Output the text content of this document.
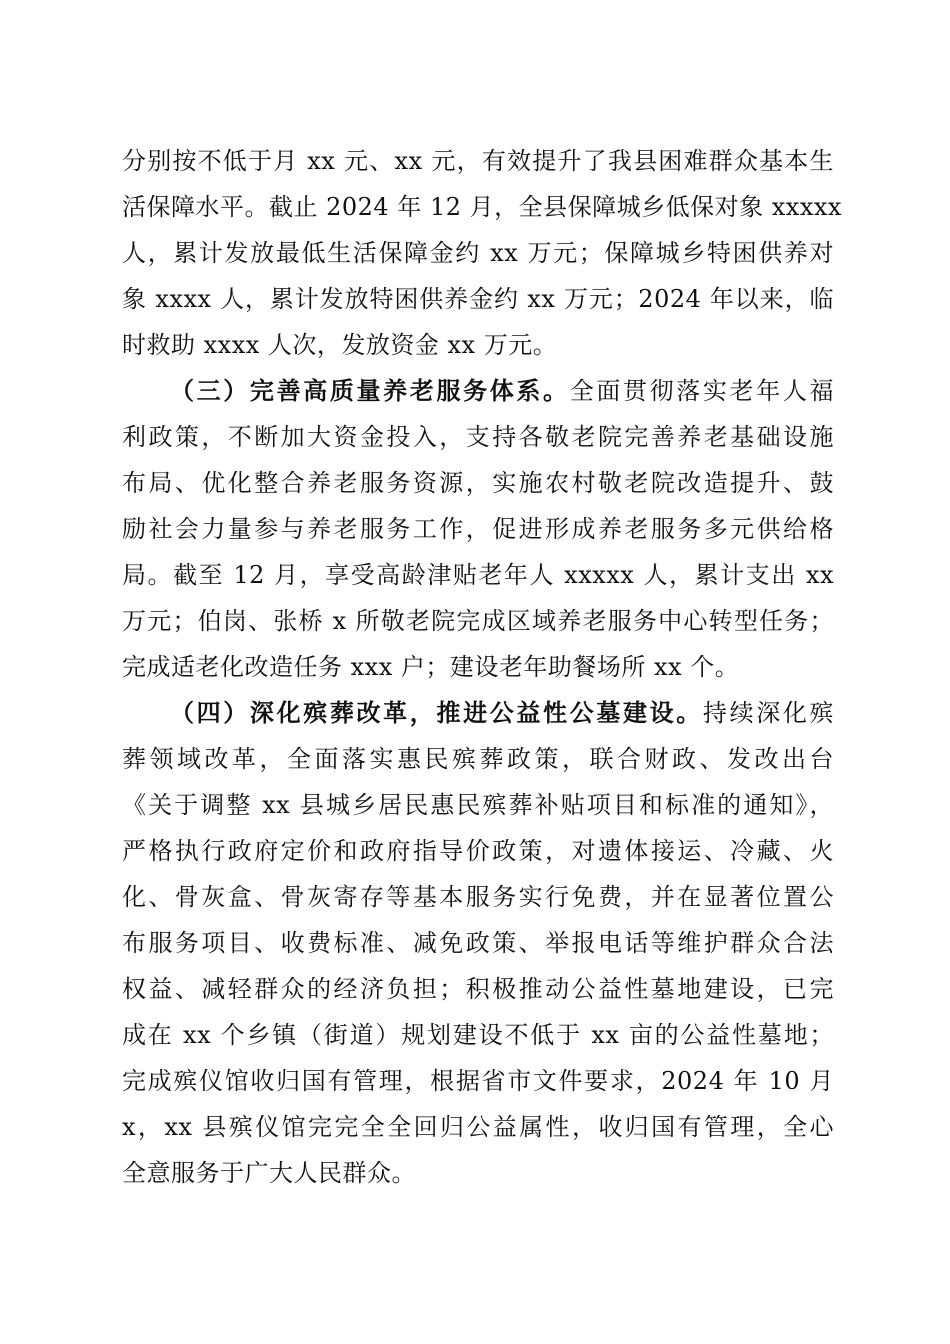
分别按不低于月 xx 元、xx 元，有效提升了我县困难群众基本生
活保障水平。截止 2024 年 12 月，全县保障城乡低保对象 xxxxx
人，累计发放最低生活保障金约 xx 万元；保障城乡特困供养对
象 xxxx 人，累计发放特困供养金约 xx 万元；2024 年以来，临
时救助 xxxx 人次，发放资金 xx 万元。
（三）完善高质量养老服务体系。全面贯彻落实老年人福
利政策，不断加大资金投入，支持各敬老院完善养老基础设施
布局、优化整合养老服务资源，实施农村敬老院改造提升、鼓
励社会力量参与养老服务工作，促进形成养老服务多元供给格
局。截至 12 月，享受高龄津贴老年人 xxxxx 人，累计支出 xx
万元；伯岗、张桥 x 所敬老院完成区域养老服务中心转型任务；
完成适老化改造任务 xxx 户；建设老年助餐场所 xx 个。
（四）深化殡葬改革，推进公益性公墓建设。持续深化殡
葬领域改革，全面落实惠民殡葬政策，联合财政、发改出台
《关于调整 xx 县城乡居民惠民殡葬补贴项目和标准的通知》，
严格执行政府定价和政府指导价政策，对遗体接运、冷藏、火
化、骨灰盒、骨灰寄存等基本服务实行免费，并在显著位置公
布服务项目、收费标准、减免政策、举报电话等维护群众合法
权益、减轻群众的经济负担；积极推动公益性墓地建设，已完
成在 xx 个乡镇（街道）规划建设不低于 xx 亩的公益性墓地；
完成殡仪馆收归国有管理，根据省市文件要求，2024 年 10 月
x，xx 县殡仪馆完完全全回归公益属性，收归国有管理，全心
全意服务于广大人民群众。
